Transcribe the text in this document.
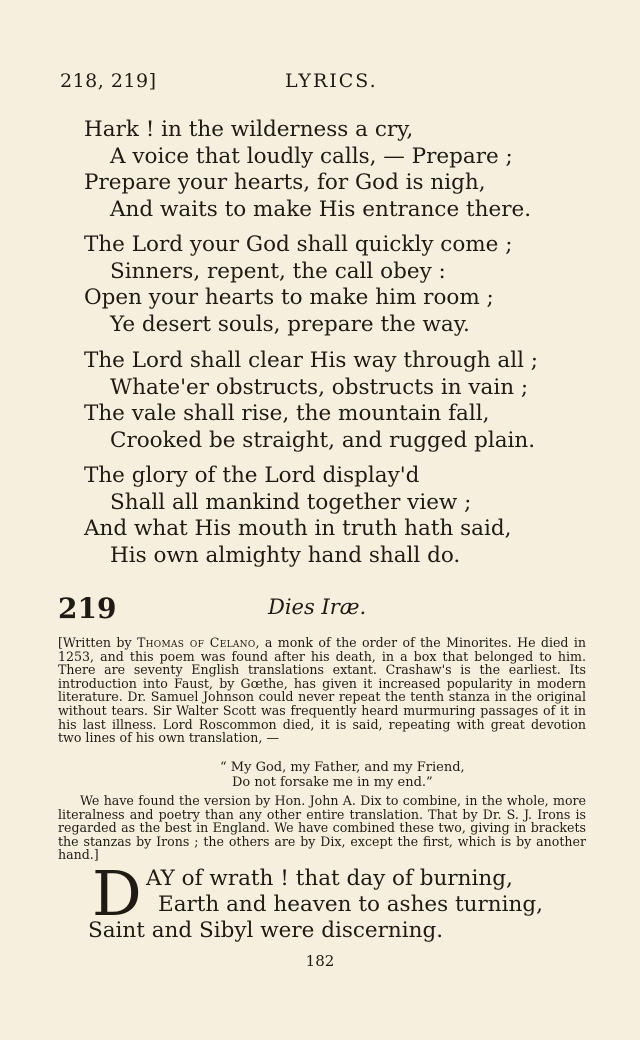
218, 219]	LYRICS.
Hark ! in the wilderness a cry,
A voice that loudly calls, — Prepare ;
Prepare your hearts, for God is nigh,
And waits to make His entrance there.
The Lord your God shall quickly come ;
Sinners, repent, the call obey :
Open your hearts to make him room ;
Ye desert souls, prepare the way.
The Lord shall clear His way through all ;
Whate'er obstructs, obstructs in vain ;
The vale shall rise, the mountain fall,
Crooked be straight, and rugged plain.
The glory of the Lord display'd
Shall all mankind together view ;
And what His mouth in truth hath said,
His own almighty hand shall do.
219	Dies Iræ.
[Written by Thomas of Celano, a monk of the order of the Minorites. He died in 1253, and this poem was found after his death, in a box that belonged to him. There are seventy English translations extant. Crashaw's is the earliest. Its introduction into Faust, by Gœthe, has given it increased popularity in modern literature. Dr. Samuel Johnson could never repeat the tenth stanza in the original without tears. Sir Walter Scott was frequently heard murmuring passages of it in his last illness. Lord Roscommon died, it is said, repeating with great devotion two lines of his own translation, —
“ My God, my Father, and my Friend,
Do not forsake me in my end.”
We have found the version by Hon. John A. Dix to combine, in the whole, more literalness and poetry than any other entire translation. That by Dr. S. J. Irons is regarded as the best in England. We have combined these two, giving in brackets the stanzas by Irons ; the others are by Dix, except the first, which is by another hand.]
D AY of wrath ! that day of burning,
Earth and heaven to ashes turning,
Saint and Sibyl were discerning.
182
